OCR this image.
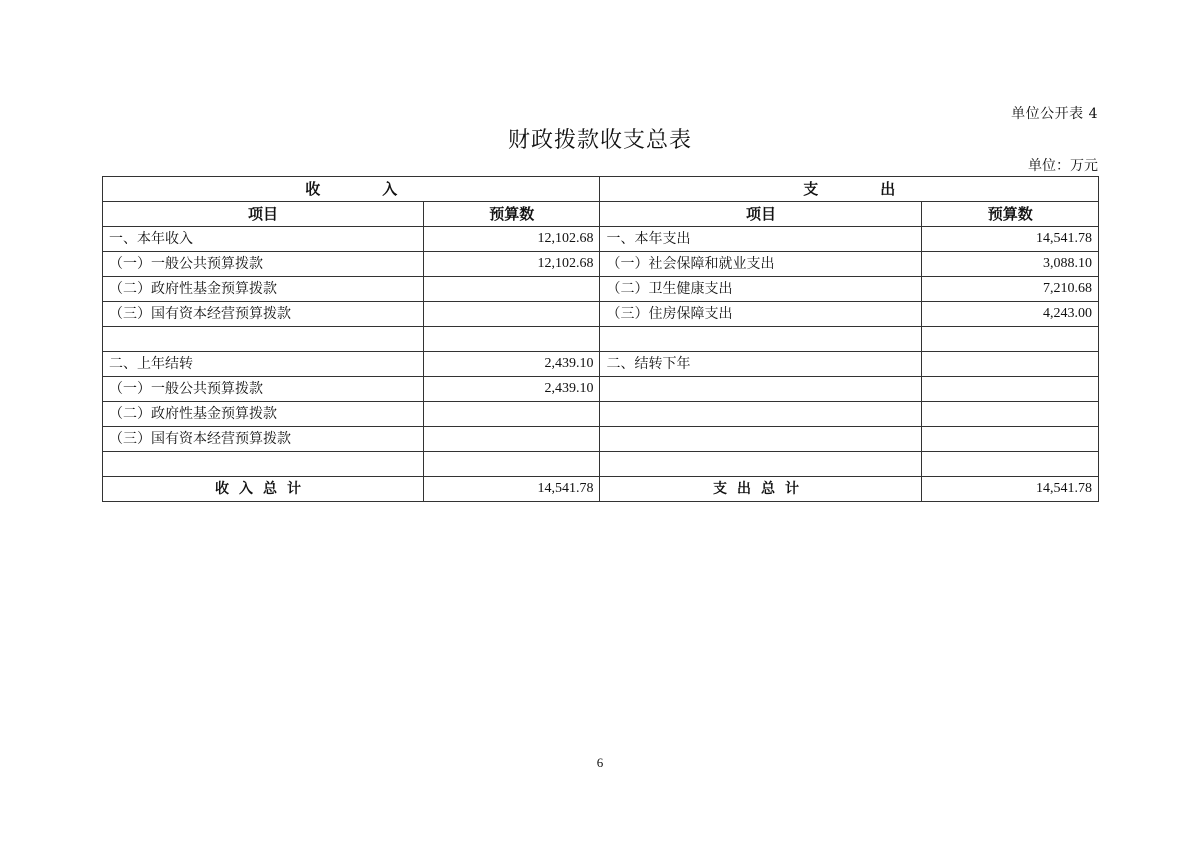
单位公开表 4
财政拨款收支总表
单位：万元
收入		支出	
项目	预算数	项目	预算数
一、本年收入	12,102.68	一、本年支出	14,541.78
（一）一般公共预算拨款	12,102.68	（一）社会保障和就业支出	3,088.10
（二）政府性基金预算拨款		（二）卫生健康支出	7,210.68
（三）国有资本经营预算拨款		（三）住房保障支出	4,243.00

二、上年结转	2,439.10	二、结转下年	
（一）一般公共预算拨款	2,439.10		
（二）政府性基金预算拨款			
（三）国有资本经营预算拨款			

收入总计	14,541.78	支出总计	14,541.78
6
